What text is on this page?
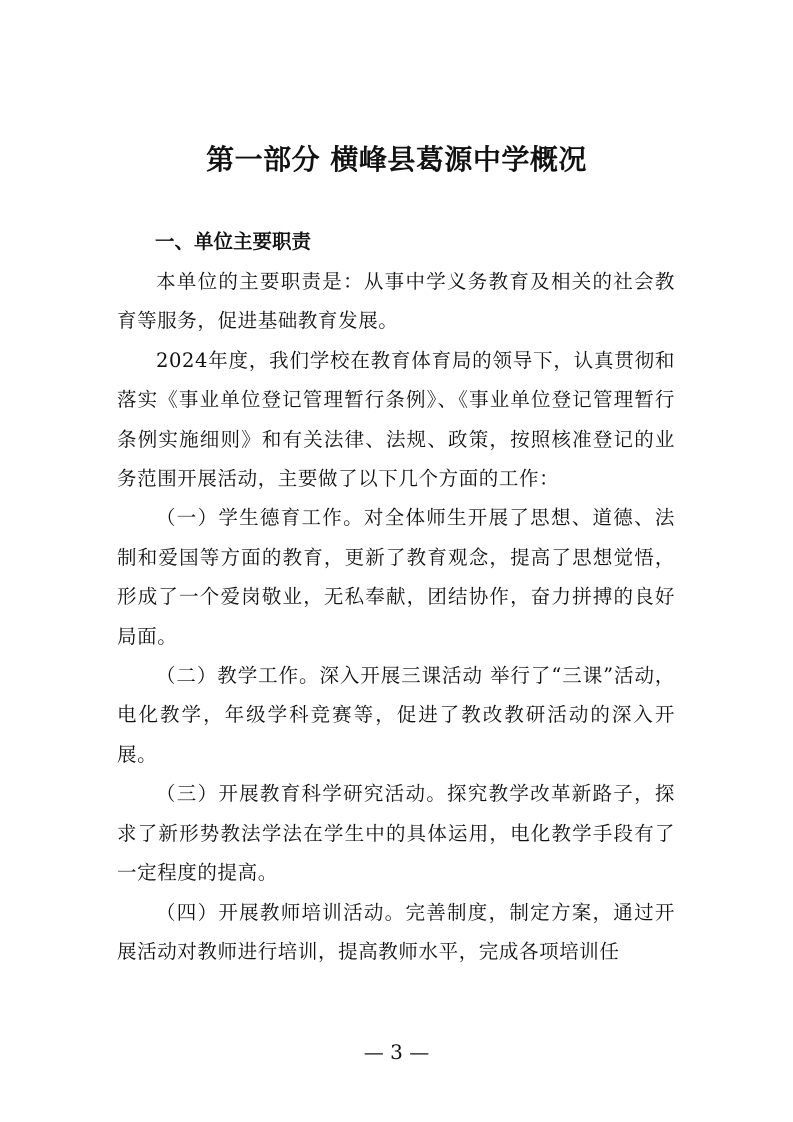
第一部分 横峰县葛源中学概况
一、单位主要职责

本单位的主要职责是：从事中学义务教育及相关的社会教育等服务，促进基础教育发展。

2024年度，我们学校在教育体育局的领导下，认真贯彻和落实《事业单位登记管理暂行条例》、《事业单位登记管理暂行条例实施细则》和有关法律、法规、政策，按照核准登记的业务范围开展活动，主要做了以下几个方面的工作：

（一）学生德育工作。对全体师生开展了思想、道德、法制和爱国等方面的教育，更新了教育观念，提高了思想觉悟，形成了一个爱岗敬业，无私奉献，团结协作，奋力拼搏的良好局面。

（二）教学工作。深入开展三课活动 举行了“三课”活动，电化教学，年级学科竞赛等，促进了教改教研活动的深入开展。

（三）开展教育科学研究活动。探究教学改革新路子，探求了新形势教法学法在学生中的具体运用，电化教学手段有了一定程度的提高。

（四）开展教师培训活动。完善制度，制定方案，通过开展活动对教师进行培训，提高教师水平，完成各项培训任

— 3 —
